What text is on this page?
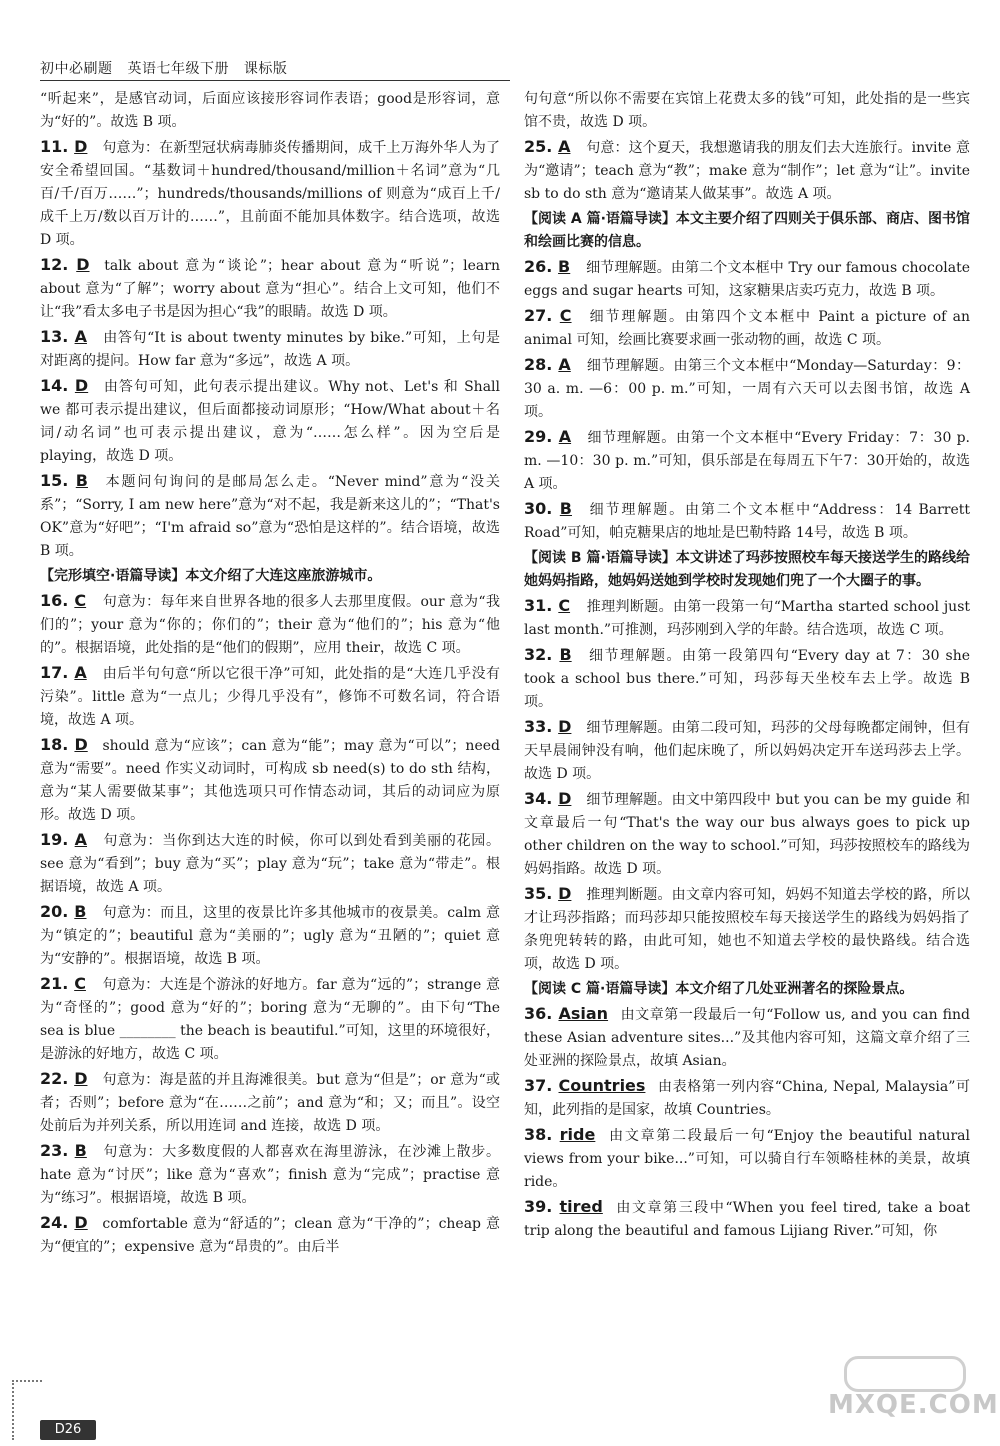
初中必刷题 英语七年级下册 课标版
“听起来”，是感官动词，后面应该接形容词作表语；good是形容词，意为“好的”。故选 B 项。
11. D 句意为：在新型冠状病毒肺炎传播期间，成千上万海外华人为了安全希望回国。“基数词＋hundred/thousand/million＋名词”意为“几百/千/百万……”；hundreds/thousands/millions of 则意为“成百上千/成千上万/数以百万计的……”，且前面不能加具体数字。结合选项，故选 D 项。
12. D talk about 意为“谈论”；hear about 意为“听说”；learn about 意为“了解”；worry about 意为“担心”。结合上文可知，他们不让“我”看太多电子书是因为担心“我”的眼睛。故选 D 项。
13. A 由答句“It is about twenty minutes by bike.”可知，上句是对距离的提问。How far 意为“多远”，故选 A 项。
14. D 由答句可知，此句表示提出建议。Why not、Let's 和 Shall we 都可表示提出建议，但后面都接动词原形；“How/What about＋名词/动名词”也可表示提出建议，意为“……怎么样”。因为空后是 playing，故选 D 项。
15. B 本题问句询问的是邮局怎么走。“Never mind”意为“没关系”；“Sorry, I am new here”意为“对不起，我是新来这儿的”；“That's OK”意为“好吧”；“I'm afraid so”意为“恐怕是这样的”。结合语境，故选 B 项。
【完形填空·语篇导读】本文介绍了大连这座旅游城市。
16. C 句意为：每年来自世界各地的很多人去那里度假。our 意为“我们的”；your 意为“你的；你们的”；their 意为“他们的”；his 意为“他的”。根据语境，此处指的是“他们的假期”，应用 their，故选 C 项。
17. A 由后半句句意“所以它很干净”可知，此处指的是“大连几乎没有污染”。little 意为“一点儿；少得几乎没有”，修饰不可数名词，符合语境，故选 A 项。
18. D should 意为“应该”；can 意为“能”；may 意为“可以”；need 意为“需要”。need 作实义动词时，可构成 sb need(s) to do sth 结构，意为“某人需要做某事”；其他选项只可作情态动词，其后的动词应为原形。故选 D 项。
19. A 句意为：当你到达大连的时候，你可以到处看到美丽的花园。see 意为“看到”；buy 意为“买”；play 意为“玩”；take 意为“带走”。根据语境，故选 A 项。
20. B 句意为：而且，这里的夜景比许多其他城市的夜景美。calm 意为“镇定的”；beautiful 意为“美丽的”；ugly 意为“丑陋的”；quiet 意为“安静的”。根据语境，故选 B 项。
21. C 句意为：大连是个游泳的好地方。far 意为“远的”；strange 意为“奇怪的”；good 意为“好的”；boring 意为“无聊的”。由下句“The sea is blue ________ the beach is beautiful.”可知，这里的环境很好，是游泳的好地方，故选 C 项。
22. D 句意为：海是蓝的并且海滩很美。but 意为“但是”；or 意为“或者；否则”；before 意为“在……之前”；and 意为“和；又；而且”。设空处前后为并列关系，所以用连词 and 连接，故选 D 项。
23. B 句意为：大多数度假的人都喜欢在海里游泳，在沙滩上散步。hate 意为“讨厌”；like 意为“喜欢”；finish 意为“完成”；practise 意为“练习”。根据语境，故选 B 项。
24. D comfortable 意为“舒适的”；clean 意为“干净的”；cheap 意为“便宜的”；expensive 意为“昂贵的”。由后半
句句意“所以你不需要在宾馆上花费太多的钱”可知，此处指的是一些宾馆不贵，故选 D 项。
25. A 句意：这个夏天，我想邀请我的朋友们去大连旅行。invite 意为“邀请”；teach 意为“教”；make 意为“制作”；let 意为“让”。invite sb to do sth 意为“邀请某人做某事”。故选 A 项。
【阅读 A 篇·语篇导读】本文主要介绍了四则关于俱乐部、商店、图书馆和绘画比赛的信息。
26. B 细节理解题。由第二个文本框中 Try our famous chocolate eggs and sugar hearts 可知，这家糖果店卖巧克力，故选 B 项。
27. C 细节理解题。由第四个文本框中 Paint a picture of an animal 可知，绘画比赛要求画一张动物的画，故选 C 项。
28. A 细节理解题。由第三个文本框中“Monday—Saturday：9：30 a. m. —6：00 p. m.”可知，一周有六天可以去图书馆，故选 A 项。
29. A 细节理解题。由第一个文本框中“Every Friday：7：30 p. m. —10：30 p. m.”可知，俱乐部是在每周五下午7：30开始的，故选 A 项。
30. B 细节理解题。由第二个文本框中“Address：14 Barrett Road”可知，帕克糖果店的地址是巴勒特路 14号，故选 B 项。
【阅读 B 篇·语篇导读】本文讲述了玛莎按照校车每天接送学生的路线给她妈妈指路，她妈妈送她到学校时发现她们兜了一个大圈子的事。
31. C 推理判断题。由第一段第一句“Martha started school just last month.”可推测，玛莎刚到入学的年龄。结合选项，故选 C 项。
32. B 细节理解题。由第一段第四句“Every day at 7：30 she took a school bus there.”可知，玛莎每天坐校车去上学。故选 B 项。
33. D 细节理解题。由第二段可知，玛莎的父母每晚都定闹钟，但有天早晨闹钟没有响，他们起床晚了，所以妈妈决定开车送玛莎去上学。故选 D 项。
34. D 细节理解题。由文中第四段中 but you can be my guide 和文章最后一句“That's the way our bus always goes to pick up other children on the way to school.”可知，玛莎按照校车的路线为妈妈指路。故选 D 项。
35. D 推理判断题。由文章内容可知，妈妈不知道去学校的路，所以才让玛莎指路；而玛莎却只能按照校车每天接送学生的路线为妈妈指了条兜兜转转的路，由此可知，她也不知道去学校的最快路线。结合选项，故选 D 项。
【阅读 C 篇·语篇导读】本文介绍了几处亚洲著名的探险景点。
36. Asian 由文章第一段最后一句“Follow us, and you can find these Asian adventure sites...”及其他内容可知，这篇文章介绍了三处亚洲的探险景点，故填 Asian。
37. Countries 由表格第一列内容“China, Nepal, Malaysia”可知，此列指的是国家，故填 Countries。
38. ride 由文章第二段最后一句“Enjoy the beautiful natural views from your bike...”可知，可以骑自行车领略桂林的美景，故填 ride。
39. tired 由文章第三段中“When you feel tired, take a boat trip along the beautiful and famous Lijiang River.”可知，你
D26
MXQE.COM
